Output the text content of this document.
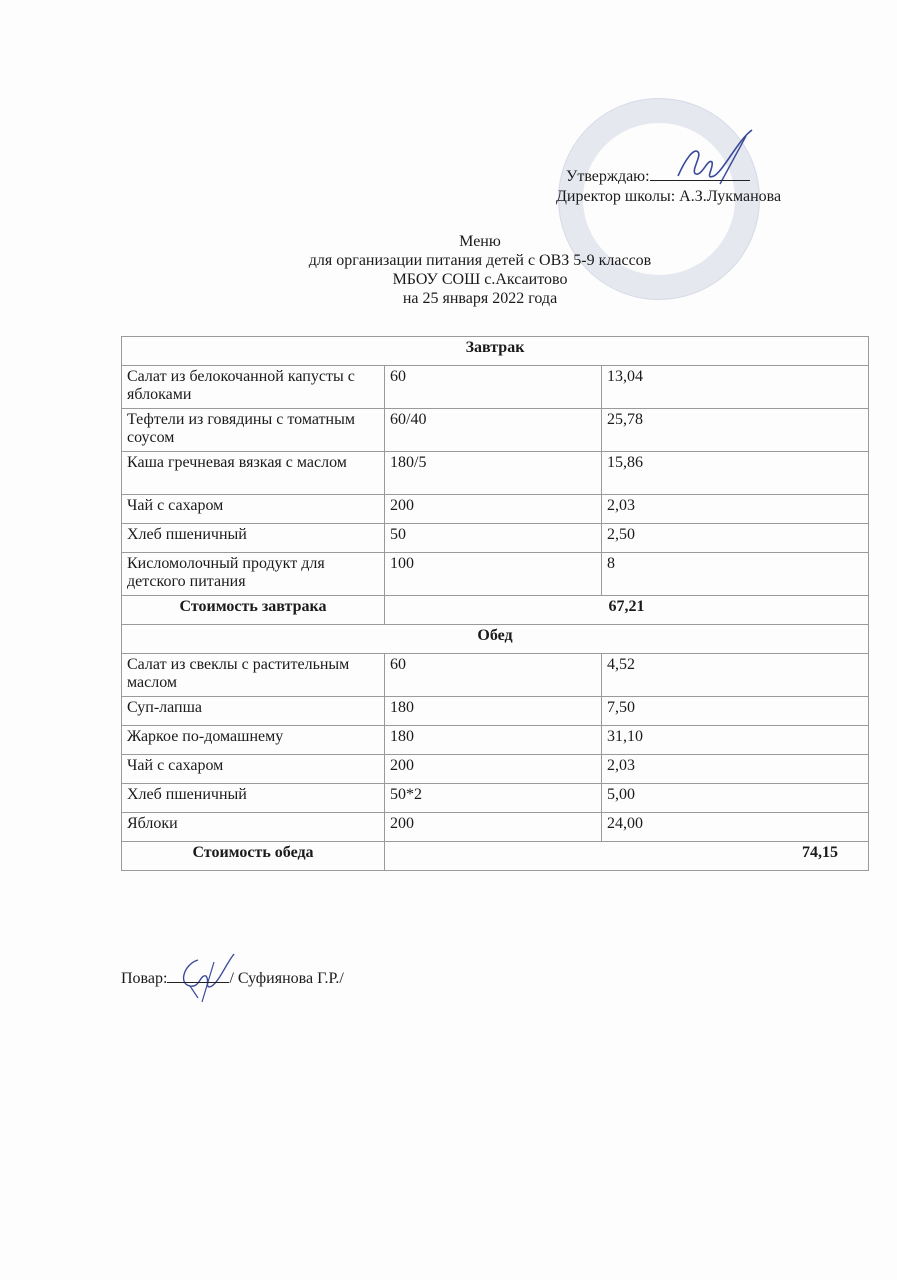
Утверждаю:
Директор школы: А.З.Лукманова
Меню
для организации питания детей с ОВЗ 5-9 классов
МБОУ СОШ с.Аксаитово
на 25 января 2022 года
Завтрак		
Салат из белокочанной капусты с яблоками	60	13,04
Тефтели из говядины с томатным соусом	60/40	25,78
Каша гречневая вязкая с маслом	180/5	15,86
Чай с сахаром	200	2,03
Хлеб пшеничный	50	2,50
Кисломолочный продукт для детского питания	100	8
Стоимость завтрака	67,21	
Обед		
Салат из свеклы с растительным маслом	60	4,52
Суп-лапша	180	7,50
Жаркое по-домашнему	180	31,10
Чай с сахаром	200	2,03
Хлеб пшеничный	50*2	5,00
Яблоки	200	24,00
Стоимость обеда	74,15	
Повар:	/ Суфиянова Г.Р./
